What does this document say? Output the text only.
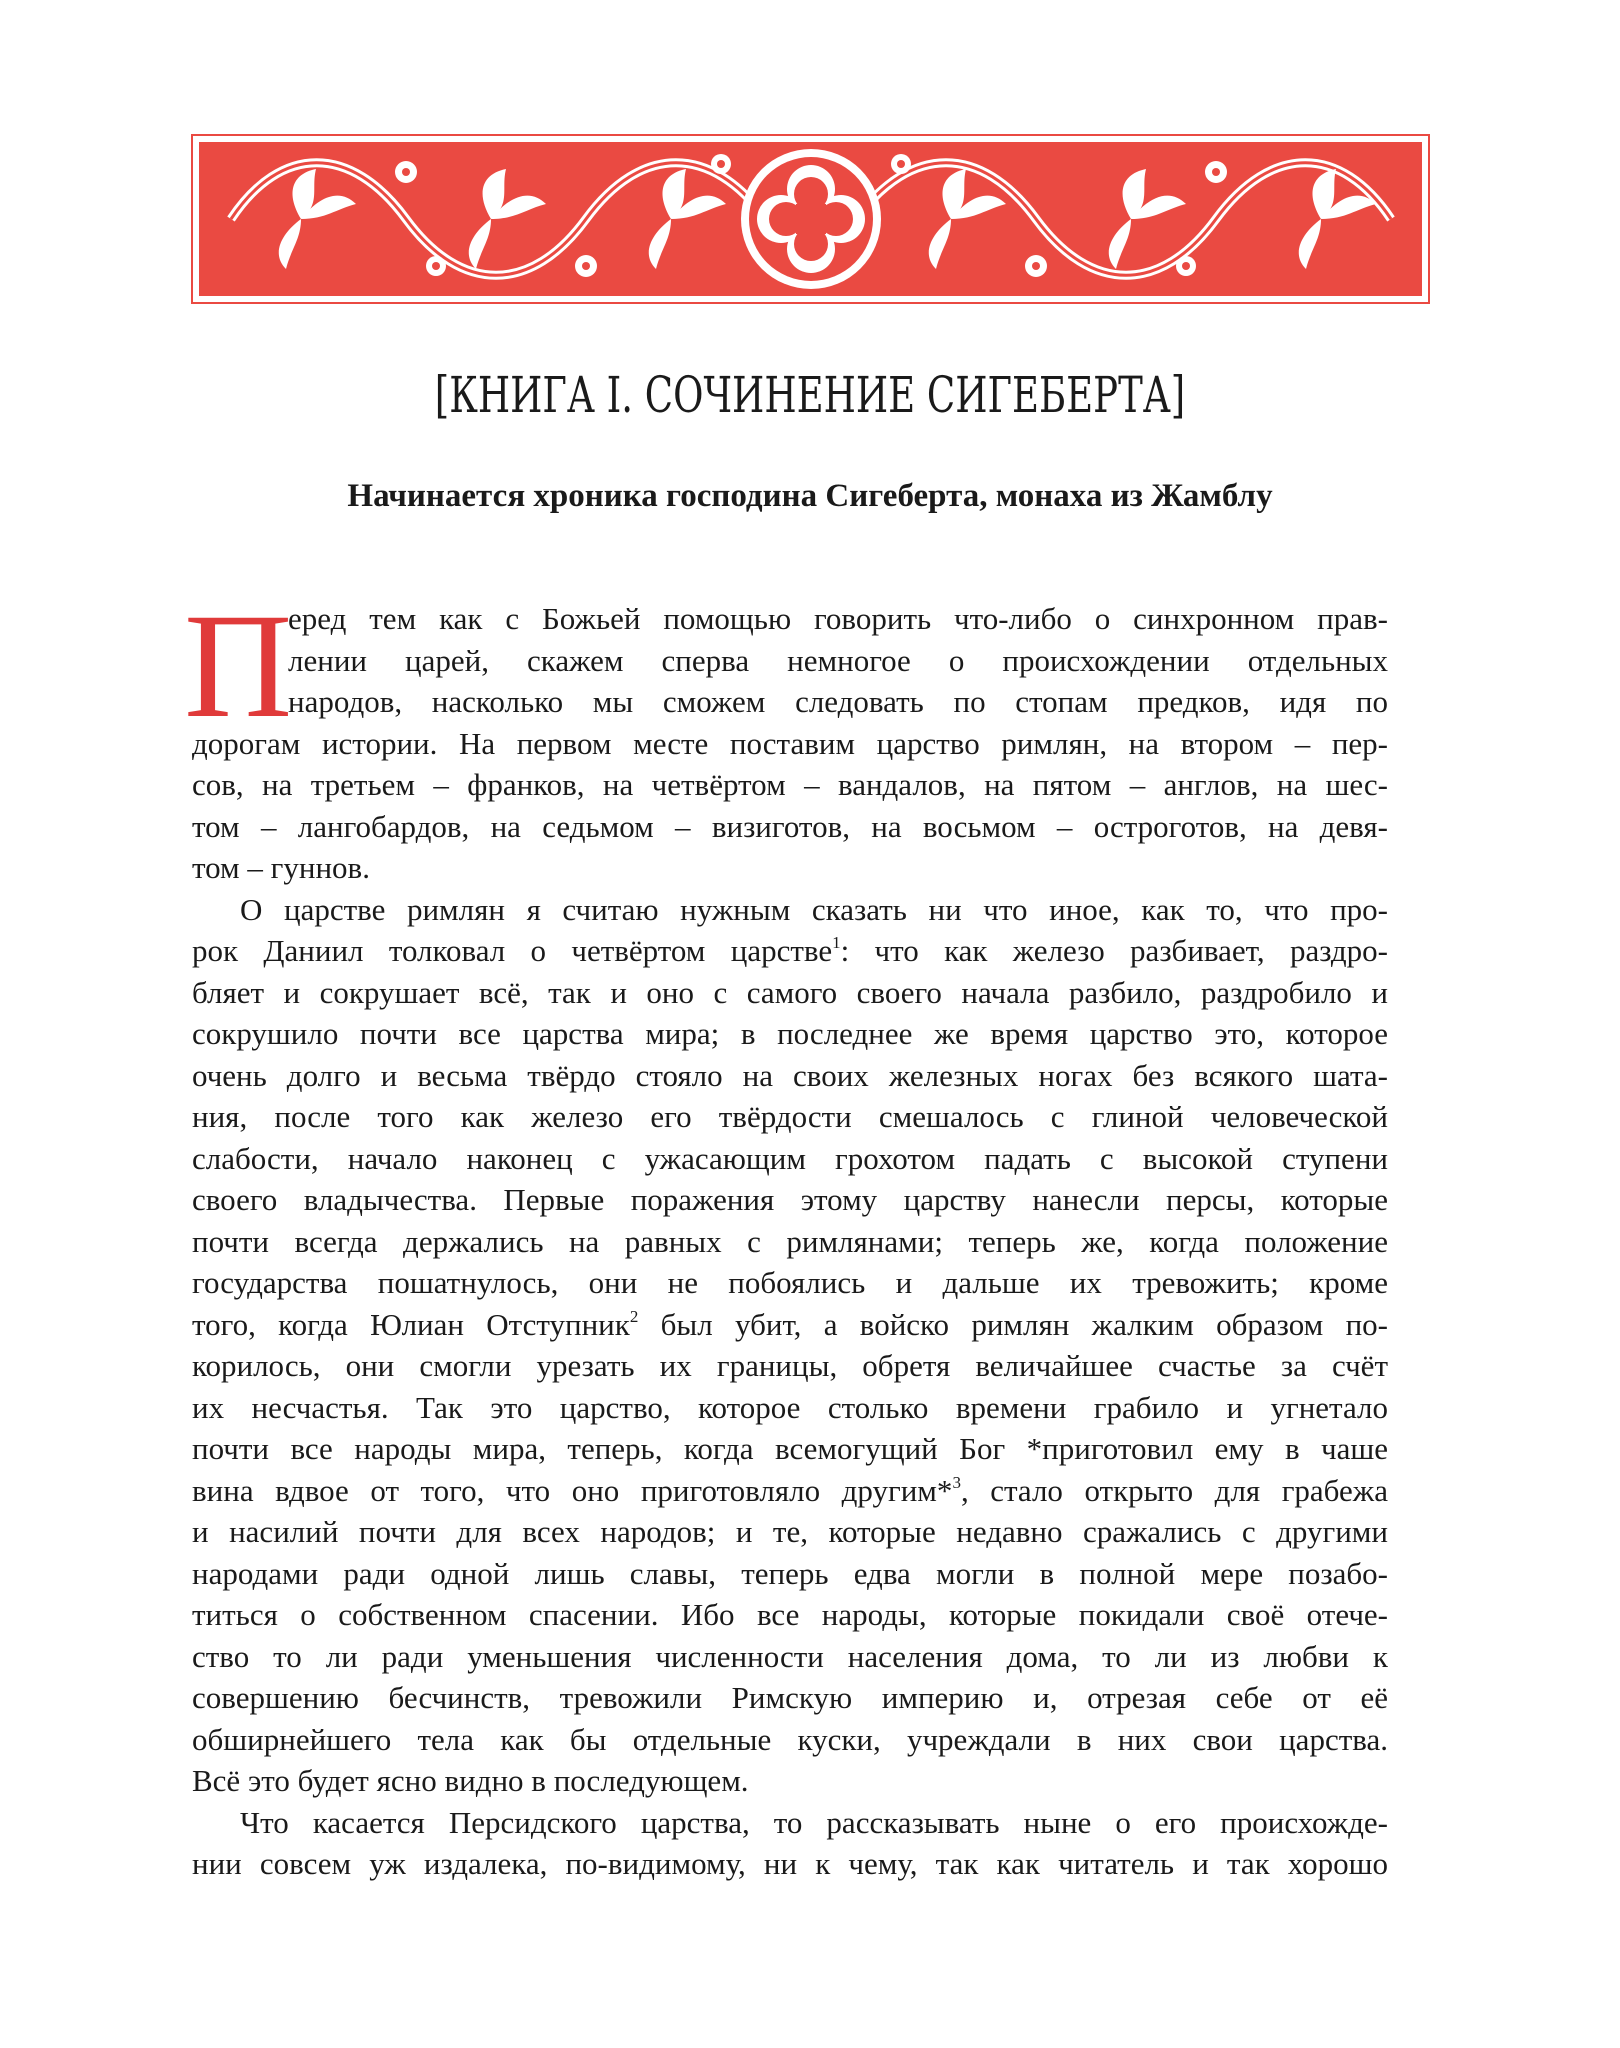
[КНИГА I. СОЧИНЕНИЕ СИГЕБЕРТА]
Начинается хроника господина Сигеберта, монаха из Жамблу
П
еред тем как с Божьей помощью говорить что-либо о синхронном прав-
лении царей, скажем сперва немногое о происхождении отдельных
народов, насколько мы сможем следовать по стопам предков, идя по
дорогам истории. На первом месте поставим царство римлян, на втором – пер-
сов, на третьем – франков, на четвёртом – вандалов, на пятом – англов, на шес-
том – лангобардов, на седьмом – визиготов, на восьмом – остроготов, на девя-
том – гуннов.
О царстве римлян я считаю нужным сказать ни что иное, как то, что про-
рок Даниил толковал о четвёртом царстве$^1$: что как железо разбивает, раздро-
бляет и сокрушает всё, так и оно с самого своего начала разбило, раздробило и
сокрушило почти все царства мира; в последнее же время царство это, которое
очень долго и весьма твёрдо стояло на своих железных ногах без всякого шата-
ния, после того как железо его твёрдости смешалось с глиной человеческой
слабости, начало наконец с ужасающим грохотом падать с высокой ступени
своего владычества. Первые поражения этому царству нанесли персы, которые
почти всегда держались на равных с римлянами; теперь же, когда положение
государства пошатнулось, они не побоялись и дальше их тревожить; кроме
того, когда Юлиан Отступник$^2$ был убит, а войско римлян жалким образом по-
корилось, они смогли урезать их границы, обретя величайшее счастье за счёт
их несчастья. Так это царство, которое столько времени грабило и угнетало
почти все народы мира, теперь, когда всемогущий Бог *приготовил ему в чаше
вина вдвое от того, что оно приготовляло другим*$^3$, стало открыто для грабежа
и насилий почти для всех народов; и те, которые недавно сражались с другими
народами ради одной лишь славы, теперь едва могли в полной мере позабо-
титься о собственном спасении. Ибо все народы, которые покидали своё отече-
ство то ли ради уменьшения численности населения дома, то ли из любви к
совершению бесчинств, тревожили Римскую империю и, отрезая себе от её
обширнейшего тела как бы отдельные куски, учреждали в них свои царства.
Всё это будет ясно видно в последующем.
Что касается Персидского царства, то рассказывать ныне о его происхожде-
нии совсем уж издалека, по-видимому, ни к чему, так как читатель и так хорошо
